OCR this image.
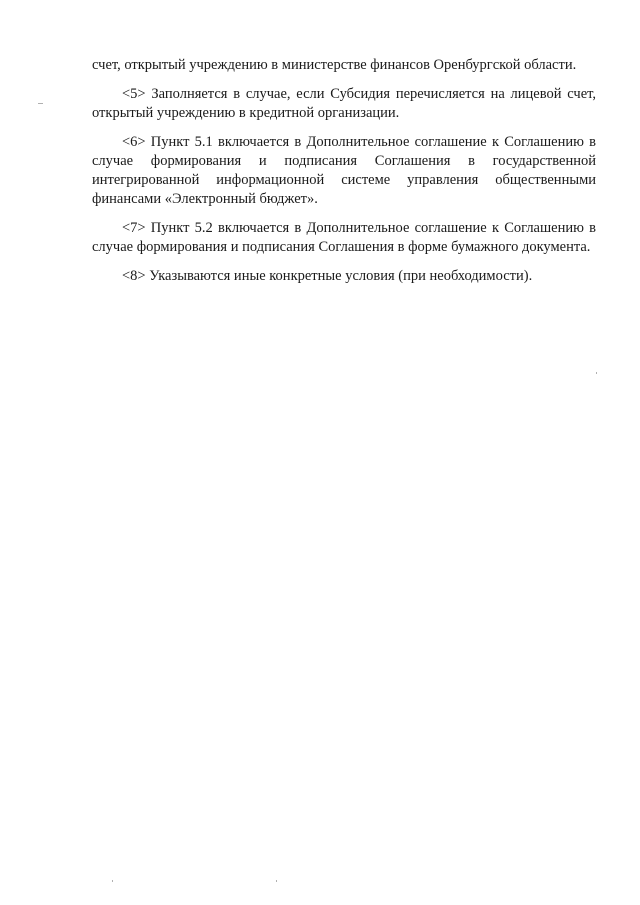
счет, открытый учреждению в министерстве финансов Оренбургской области.

<5> Заполняется в случае, если Субсидия перечисляется на лицевой счет, открытый учреждению в кредитной организации.

<6> Пункт 5.1 включается в Дополнительное соглашение к Соглашению в случае формирования и подписания Соглашения в государственной интегрированной информационной системе управления общественными финансами «Электронный бюджет».

<7> Пункт 5.2 включается в Дополнительное соглашение к Соглашению в случае формирования и подписания Соглашения в форме бумажного документа.

<8> Указываются иные конкретные условия (при необходимости).
